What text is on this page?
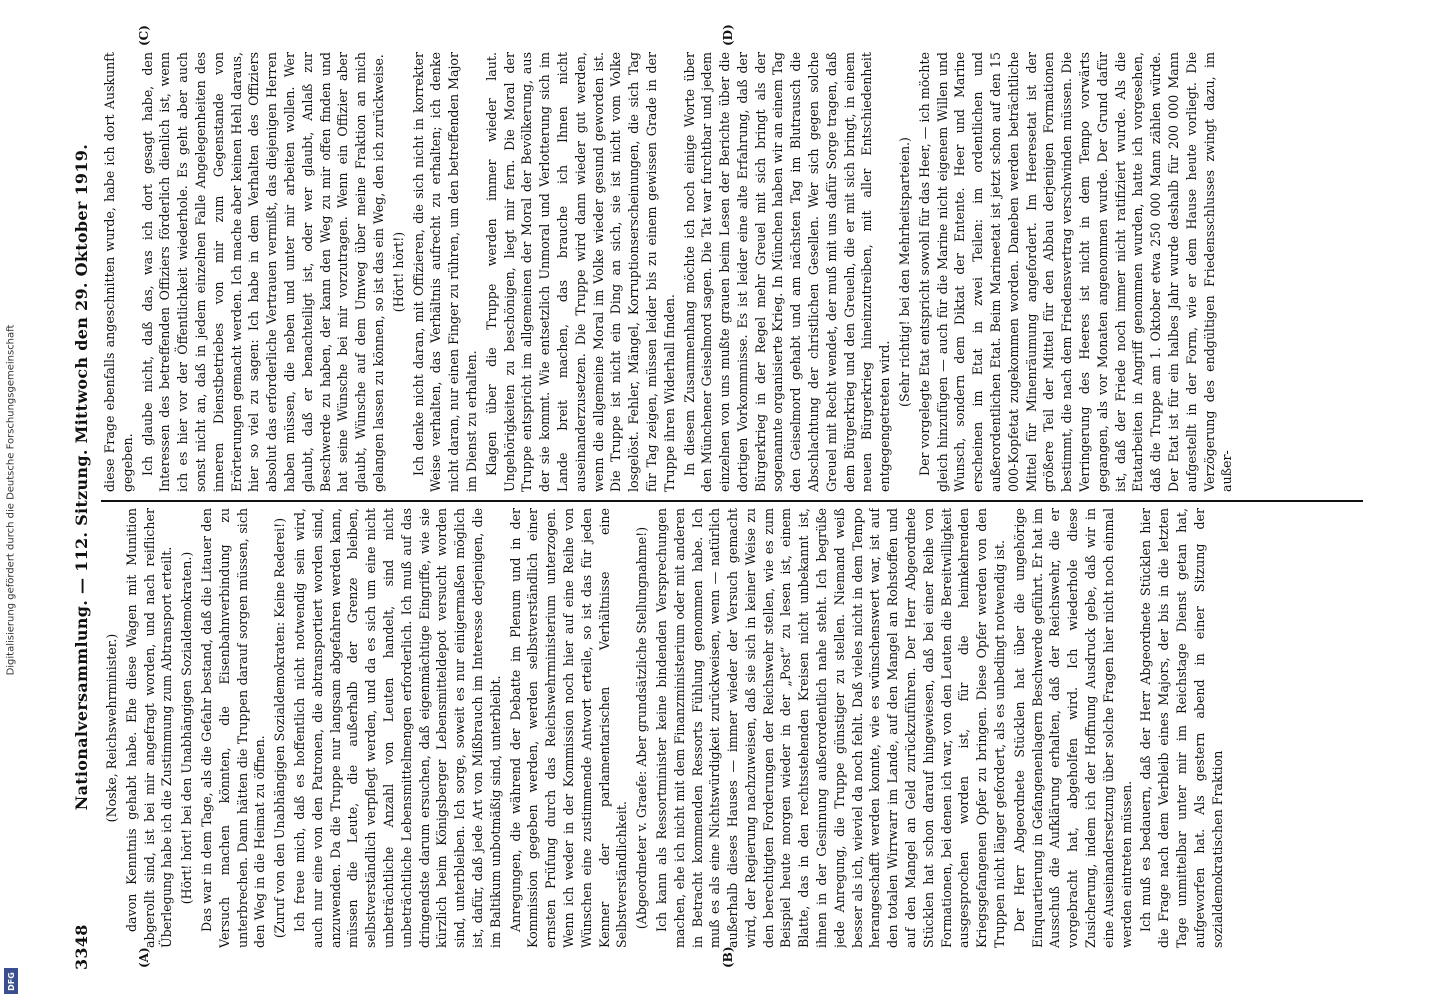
3348
Nationalversammlung. — 112. Sitzung. Mittwoch den 29. Oktober 1919. (Noske, Reichswehrminister.) davon Kenntnis gehabt habe. Ehe diese Wagen mit Munition abgerollt sind, ist bei mir angefragt worden, und nach reiflicher Überlegung habe ich die Zustimmung zum Abtransport erteilt. (Hört! hört! bei den Unabhängigen Sozialdemokraten.) Das war in dem Tage, als die Gefahr bestand, daß die Litauer den Versuch machen könnten, die Eisenbahnverbindung zu unterbrechen. Dann hätten die Truppen darauf sorgen müssen, sich den Weg in die Heimat zu öffnen. (Zuruf von den Unabhängigen Sozialdemokraten: Keine Rederei!) Ich freue mich, daß es hoffentlich nicht notwendig sein wird, auch nur eine von den Patronen, die abtransportiert worden sind, anzuwenden. Da die Truppe nur langsam abgefahren werden kann, müssen die Leute, die außerhalb der Grenze bleiben, selbstverständlich verpflegt werden, und da es sich um eine nicht unbeträchtliche Anzahl von Leuten handelt, sind nicht unbeträchtliche Lebensmittelmengen erforderlich. Ich muß auf das dringendste darum ersuchen, daß eigenmächtige Eingriffe, wie sie kürzlich beim Königsberger Lebensmitteldepot versucht worden sind, unterbleiben. Ich sorge, soweit es nur einigermaßen möglich ist, dafür, daß jede Art von Mißbrauch im Interesse derjenigen, die im Baltikum unbotmäßig sind, unterbleibt. Anregungen, die während der Debatte im Plenum und in der Kommission gegeben werden, werden selbstverständlich einer ernsten Prüfung durch das Reichswehrministerium unterzogen. Wenn ich weder in der Kommission noch hier auf eine Reihe von Wünschen eine zustimmende Antwort erteile, so ist das für jeden Kenner der parlamentarischen Verhältnisse eine Selbstverständlichkeit. (Abgeordneter v. Graefe: Aber grundsätzliche Stellungnahme!) Ich kann als Ressortminister keine bindenden Versprechungen machen, ehe ich nicht mit dem Finanzministerium oder mit anderen in Betracht kommenden Ressorts Fühlung genommen habe. Ich muß es als eine Nichtswürdigkeit zurückweisen, wenn — natürlich außerhalb dieses Hauses — immer wieder der Versuch gemacht wird, der Regierung nachzuweisen, daß sie sich in keiner Weise zu den berechtigten Forderungen der Reichswehr stellen, wie es zum Beispiel heute morgen wieder in der „Post“ zu lesen ist, einem Blatte, das in den rechtsstehenden Kreisen nicht unbekannt ist, ihnen in der Gesinnung außerordentlich nahe steht. Ich begrüße jede Anregung, die Truppe günstiger zu stellen. Niemand weiß besser als ich, wieviel da noch fehlt. Daß vieles nicht in dem Tempo herangeschafft werden konnte, wie es wünschenswert war, ist auf den totalen Wirrwarr im Lande, auf den Mangel an Rohstoffen und auf den Mangel an Geld zurückzuführen. Der Herr Abgeordnete Stücklen hat schon darauf hingewiesen, daß bei einer Reihe von Formationen, bei denen ich war, von den Leuten die Bereitwilligkeit ausgesprochen worden ist, für die heimkehrenden Kriegsgefangenen Opfer zu bringen. Diese Opfer werden von den Truppen nicht länger gefordert, als es unbedingt notwendig ist. Der Herr Abgeordnete Stücklen hat über die ungehörige Einquartierung in Gefangenenlagern Beschwerde geführt. Er hat im Ausschuß die Aufklärung erhalten, daß der Reichswehr, die er vorgebracht hat, abgeholfen wird. Ich wiederhole diese Zusicherung, indem ich der Hoffnung Ausdruck gebe, daß wir in eine Auseinandersetzung über solche Fragen hier nicht noch einmal werden eintreten müssen. Ich muß es bedauern, daß der Herr Abgeordnete Stücklen hier die Frage nach dem Verbleib eines Majors, der bis in die letzten Tage unmittelbar unter mir im Reichstage Dienst getan hat, aufgeworfen hat. Als gestern abend in einer Sitzung der sozialdemokratischen Fraktion

diese Frage ebenfalls angeschnitten wurde, habe ich dort Auskunft gegeben. Ich glaube nicht, daß das, was ich dort gesagt habe, den Interessen des betreffenden Offiziers förderlich dienlich ist, wenn ich es hier vor der Öffentlichkeit wiederhole. Es geht aber auch sonst nicht an, daß in jedem einzelnen Falle Angelegenheiten des inneren Dienstbetriebes von mir zum Gegenstande von Erörterungen gemacht werden. Ich mache aber keinen Hehl daraus, hier so viel zu sagen: Ich habe in dem Verhalten des Offiziers absolut das erforderliche Vertrauen vermißt, das diejenigen Herren haben müssen, die neben und unter mir arbeiten wollen. Wer glaubt, daß er benachteiligt ist, oder wer glaubt, Anlaß zur Beschwerde zu haben, der kann den Weg zu mir offen finden und hat seine Wünsche bei mir vorzutragen. Wenn ein Offizier aber glaubt, Wünsche auf dem Umweg über meine Fraktion an mich gelangen lassen zu können, so ist das ein Weg, den ich zurückweise. (Hört! hört!) Ich denke nicht daran, mit Offizieren, die sich nicht in korrekter Weise verhalten, das Verhältnis aufrecht zu erhalten; ich denke nicht daran, nur einen Finger zu rühren, um den betreffenden Major im Dienst zu erhalten. Klagen über die Truppe werden immer wieder laut. Ungehörigkeiten zu beschönigen, liegt mir fern. Die Moral der Truppe entspricht im allgemeinen der Moral der Bevölkerung, aus der sie kommt. Wie entsetzlich Unmoral und Verlotterung sich im Lande breit machen, das brauche ich Ihnen nicht auseinanderzusetzen. Die Truppe wird dann wieder gut werden, wenn die allgemeine Moral im Volke wieder gesund geworden ist. Die Truppe ist nicht ein Ding an sich, sie ist nicht vom Volke losgelöst. Fehler, Mängel, Korruptionserscheinungen, die sich Tag für Tag zeigen, müssen leider bis zu einem gewissen Grade in der Truppe ihren Widerhall finden. In diesem Zusammenhang möchte ich noch einige Worte über den Münchener Geiselmord sagen. Die Tat war furchtbar und jedem einzelnen von uns mußte grauen beim Lesen der Berichte über die dortigen Vorkommnisse. Es ist leider eine alte Erfahrung, daß der Bürgerkrieg in der Regel mehr Greuel mit sich bringt als der sogenannte organisierte Krieg. In München haben wir an einem Tag den Geiselmord gehabt und am nächsten Tag im Blutrausch die Abschlachtung der christlichen Gesellen. Wer sich gegen solche Greuel mit Recht wendet, der muß mit uns dafür Sorge tragen, daß dem Bürgerkrieg und den Greueln, die er mit sich bringt, in einem neuen Bürgerkrieg hineinzutreiben, mit aller Entschiedenheit entgegengetreten wird.

(Sehr richtig! bei den Mehrheitsparteien.) Der vorgelegte Etat entspricht sowohl für das Heer, — ich möchte gleich hinzufügen — auch für die Marine nicht eigenem Willen und Wunsch, sondern dem Diktat der Entente. Heer und Marine erscheinen im Etat in zwei Teilen: im ordentlichen und außerordentlichen Etat. Beim Marineetat ist jetzt schon auf den 15 000-Kopfetat zugekommen worden. Daneben werden beträchtliche Mittel für Minenräumung angefordert. Im Heeresetat ist der größere Teil der Mittel für den Abbau derjenigen Formationen bestimmt, die nach dem Friedensvertrag verschwinden müssen. Die Verringerung des Heeres ist nicht in dem Tempo vorwärts gegangen, als vor Monaten angenommen wurde. Der Grund dafür ist, daß der Friede noch immer nicht ratifiziert wurde. Als die Etatarbeiten in Angriff genommen wurden, hatte ich vorgesehen, daß die Truppe am 1. Oktober etwa 250 000 Mann zählen würde. Der Etat ist für ein halbes Jahr wurde deshalb für 200 000 Mann aufgestellt in der Form, wie er dem Hause heute vorliegt. Die Verzögerung des endgültigen Friedensschlusses zwingt dazu, im außer-

(A)	(B)
(C)	(D)
Digitalisierung gefördert durch die Deutsche Forschungsgemeinschaft
DFG
